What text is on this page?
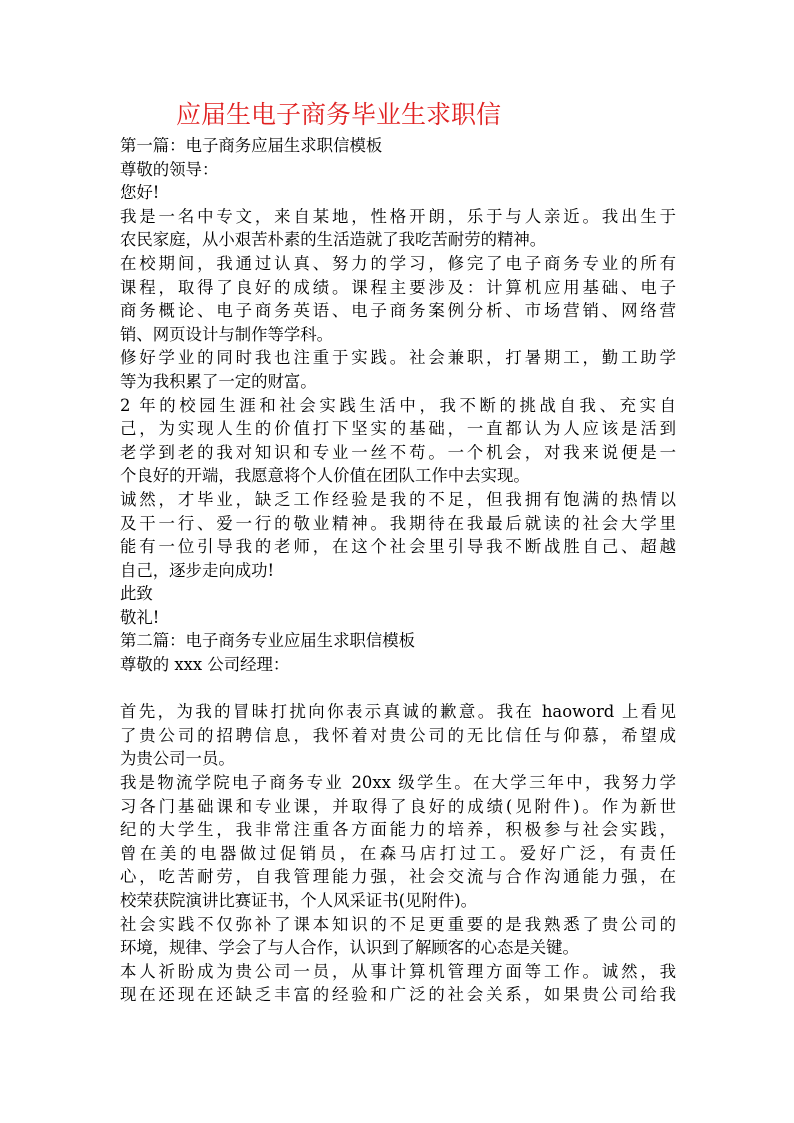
应届生电子商务毕业生求职信

第一篇：电子商务应届生求职信模板

尊敬的领导：

您好!

我是一名中专文，来自某地，性格开朗，乐于与人亲近。我出生于

农民家庭，从小艰苦朴素的生活造就了我吃苦耐劳的精神。

在校期间，我通过认真、努力的学习，修完了电子商务专业的所有

课程，取得了良好的成绩。课程主要涉及：计算机应用基础、电子

商务概论、电子商务英语、电子商务案例分析、市场营销、网络营

销、网页设计与制作等学科。

修好学业的同时我也注重于实践。社会兼职，打暑期工，勤工助学

等为我积累了一定的财富。

2 年的校园生涯和社会实践生活中，我不断的挑战自我、充实自

己，为实现人生的价值打下坚实的基础，一直都认为人应该是活到

老学到老的我对知识和专业一丝不苟。一个机会，对我来说便是一

个良好的开端，我愿意将个人价值在团队工作中去实现。

诚然，才毕业，缺乏工作经验是我的不足，但我拥有饱满的热情以

及干一行、爱一行的敬业精神。我期待在我最后就读的社会大学里

能有一位引导我的老师，在这个社会里引导我不断战胜自己、超越

自己，逐步走向成功!

此致

敬礼!

第二篇：电子商务专业应届生求职信模板

尊敬的 xxx 公司经理：

首先，为我的冒昧打扰向你表示真诚的歉意。我在 haoword 上看见

了贵公司的招聘信息，我怀着对贵公司的无比信任与仰慕，希望成

为贵公司一员。

我是物流学院电子商务专业 20xx 级学生。在大学三年中，我努力学

习各门基础课和专业课，并取得了良好的成绩(见附件)。作为新世

纪的大学生，我非常注重各方面能力的培养，积极参与社会实践，

曾在美的电器做过促销员，在森马店打过工。爱好广泛，有责任

心，吃苦耐劳，自我管理能力强，社会交流与合作沟通能力强，在

校荣获院演讲比赛证书，个人风采证书(见附件)。

社会实践不仅弥补了课本知识的不足更重要的是我熟悉了贵公司的

环境，规律、学会了与人合作，认识到了解顾客的心态是关键。

本人祈盼成为贵公司一员，从事计算机管理方面等工作。诚然，我

现在还现在还缺乏丰富的经验和广泛的社会关系，如果贵公司给我
